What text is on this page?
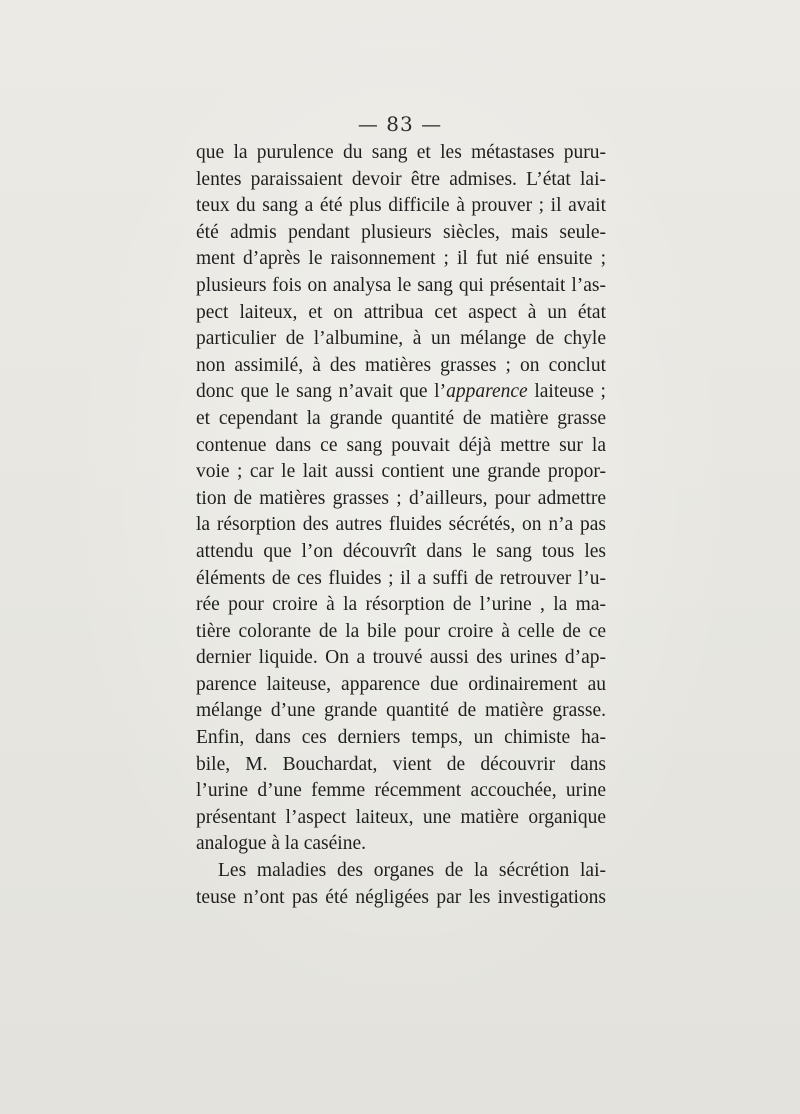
— 83 —
que la purulence du sang et les métastases puru-
lentes paraissaient devoir être admises. L’état lai-
teux du sang a été plus difficile à prouver ; il avait
été admis pendant plusieurs siècles, mais seule-
ment d’après le raisonnement ; il fut nié ensuite ;
plusieurs fois on analysa le sang qui présentait l’as-
pect laiteux, et on attribua cet aspect à un état
particulier de l’albumine, à un mélange de chyle
non assimilé, à des matières grasses ; on conclut
donc que le sang n’avait que l’apparence laiteuse ;
et cependant la grande quantité de matière grasse
contenue dans ce sang pouvait déjà mettre sur la
voie ; car le lait aussi contient une grande propor-
tion de matières grasses ; d’ailleurs, pour admettre
la résorption des autres fluides sécrétés, on n’a pas
attendu que l’on découvrît dans le sang tous les
éléments de ces fluides ; il a suffi de retrouver l’u-
rée pour croire à la résorption de l’urine , la ma-
tière colorante de la bile pour croire à celle de ce
dernier liquide. On a trouvé aussi des urines d’ap-
parence laiteuse, apparence due ordinairement au
mélange d’une grande quantité de matière grasse.
Enfin, dans ces derniers temps, un chimiste ha-
bile, M. Bouchardat, vient de découvrir dans
l’urine d’une femme récemment accouchée, urine
présentant l’aspect laiteux, une matière organique
analogue à la caséine.
Les maladies des organes de la sécrétion lai-
teuse n’ont pas été négligées par les investigations
